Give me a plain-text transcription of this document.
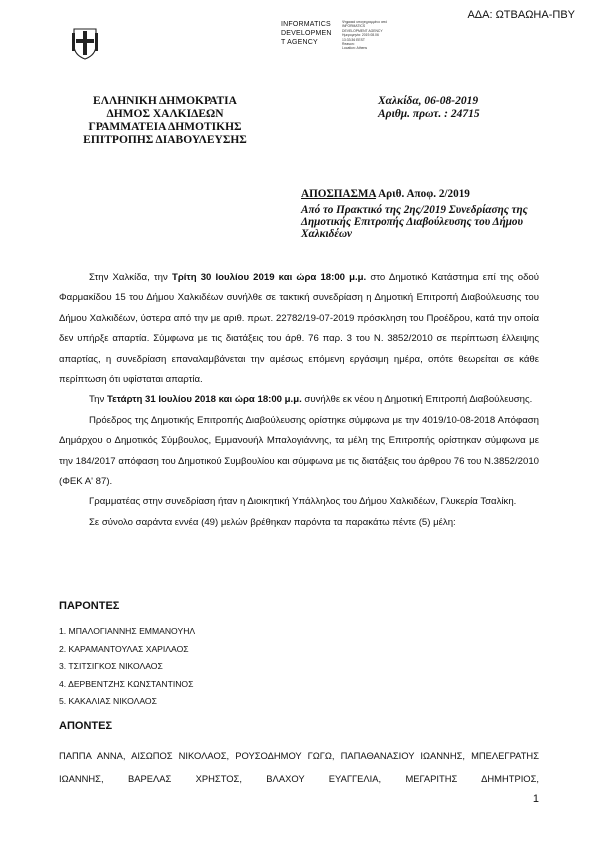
ΑΔΑ: ΩΤΒΑΩΗΑ-ΠΒΥ
INFORMATICS
DEVELOPMEN
T AGENCY
Ψηφιακά υπογεγραμμένο από
INFORMATICS
DEVELOPMENT AGENCY
Ημερομηνία: 2019.08.06
13:33:36 EEST
Reason:
Location: Athens
ΕΛΛΗΝΙΚΗ ΔΗΜΟΚΡΑΤΙΑ
ΔΗΜΟΣ ΧΑΛΚΙΔΕΩΝ
ΓΡΑΜΜΑΤΕΙΑ ΔΗΜΟΤΙΚΗΣ
ΕΠΙΤΡΟΠΗΣ ΔΙΑΒΟΥΛΕΥΣΗΣ
Χαλκίδα, 06-08-2019
Αριθμ. πρωτ. : 24715
ΑΠΟΣΠΑΣΜΑ Αριθ. Αποφ. 2/2019
Από το Πρακτικό της 2ης/2019 Συνεδρίασης της Δημοτικής Επιτροπής Διαβούλευσης του Δήμου Χαλκιδέων

Στην Χαλκίδα, την Τρίτη 30 Ιουλίου 2019 και ώρα 18:00 μ.μ. στο Δημοτικό Κατάστημα επί της οδού Φαρμακίδου 15 του Δήμου Χαλκιδέων συνήλθε σε τακτική συνεδρίαση η Δημοτική Επιτροπή Διαβούλευσης του Δήμου Χαλκιδέων, ύστερα από την με αριθ. πρωτ. 22782/19-07-2019 πρόσκληση του Προέδρου, κατά την οποία δεν υπήρξε απαρτία. Σύμφωνα με τις διατάξεις του άρθ. 76 παρ. 3 του Ν. 3852/2010 σε περίπτωση έλλειψης απαρτίας, η συνεδρίαση επαναλαμβάνεται την αμέσως επόμενη εργάσιμη ημέρα, οπότε θεωρείται σε κάθε περίπτωση ότι υφίσταται απαρτία.

Την Τετάρτη 31 Ιουλίου 2018 και ώρα 18:00 μ.μ. συνήλθε εκ νέου η Δημοτική Επιτροπή Διαβούλευσης.

Πρόεδρος της Δημοτικής Επιτροπής Διαβούλευσης ορίστηκε σύμφωνα με την 4019/10-08-2018 Απόφαση Δημάρχου ο Δημοτικός Σύμβουλος, Εμμανουήλ Μπαλογιάννης, τα μέλη της Επιτροπής ορίστηκαν σύμφωνα με την 184/2017 απόφαση του Δημοτικού Συμβουλίου και σύμφωνα με τις διατάξεις του άρθρου 76 του Ν.3852/2010 (ΦΕΚ Α' 87).

Γραμματέας στην συνεδρίαση ήταν η Διοικητική Υπάλληλος του Δήμου Χαλκιδέων, Γλυκερία Τσαλίκη.

Σε σύνολο σαράντα εννέα (49) μελών βρέθηκαν παρόντα τα παρακάτω πέντε (5) μέλη:

ΠΑΡΟΝΤΕΣ
1. ΜΠΑΛΟΓΙΑΝΝΗΣ ΕΜΜΑΝΟΥΗΛ
2. ΚΑΡΑΜΑΝΤΟΥΛΑΣ ΧΑΡΙΛΑΟΣ
3. ΤΣΙΤΣΙΓΚΟΣ ΝΙΚΟΛΑΟΣ
4. ΔΕΡΒΕΝΤΖΗΣ ΚΩΝΣΤΑΝΤΙΝΟΣ
5. ΚΑΚΑΛΙΑΣ ΝΙΚΟΛΑΟΣ
ΑΠΟΝΤΕΣ
ΠΑΠΠΑ ΑΝΝΑ, ΑΙΣΩΠΟΣ ΝΙΚΟΛΑΟΣ, ΡΟΥΣΟΔΗΜΟΥ ΓΩΓΩ, ΠΑΠΑΘΑΝΑΣΙΟΥ ΙΩΑΝΝΗΣ, ΜΠΕΛΕΓΡΑΤΗΣ ΙΩΑΝΝΗΣ, ΒΑΡΕΛΑΣ ΧΡΗΣΤΟΣ, ΒΛΑΧΟΥ ΕΥΑΓΓΕΛΙΑ, ΜΕΓΑΡΙΤΗΣ ΔΗΜΗΤΡΙΟΣ,
1
